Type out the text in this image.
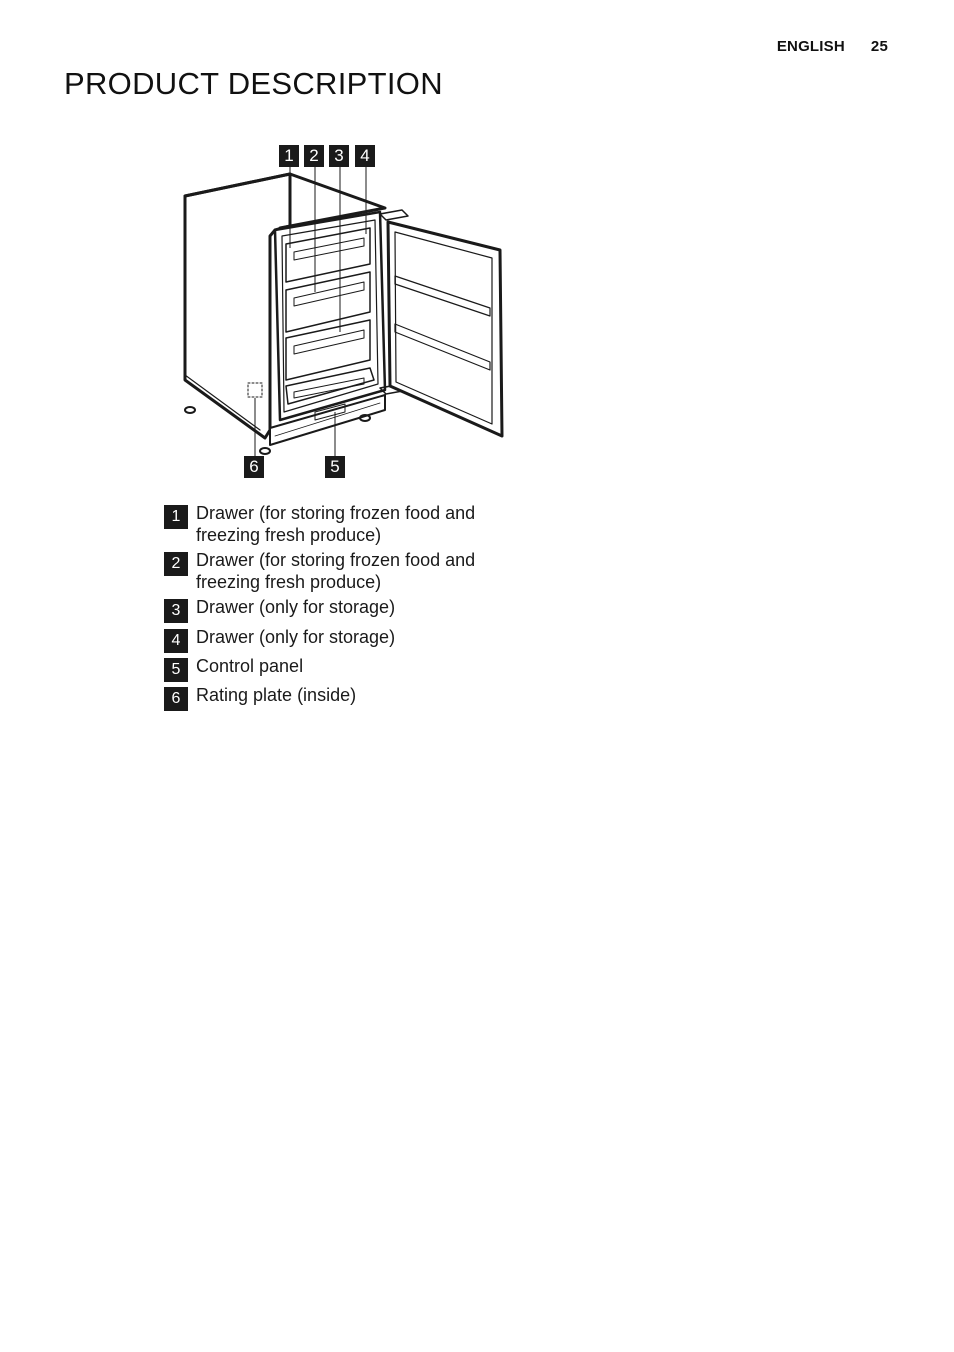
ENGLISH 25
PRODUCT DESCRIPTION
1 2 3 4
6	5
1 Drawer (for storing frozen food and freezing fresh produce)
2 Drawer (for storing frozen food and freezing fresh produce)
3 Drawer (only for storage)
4 Drawer (only for storage)
5 Control panel
6 Rating plate (inside)
